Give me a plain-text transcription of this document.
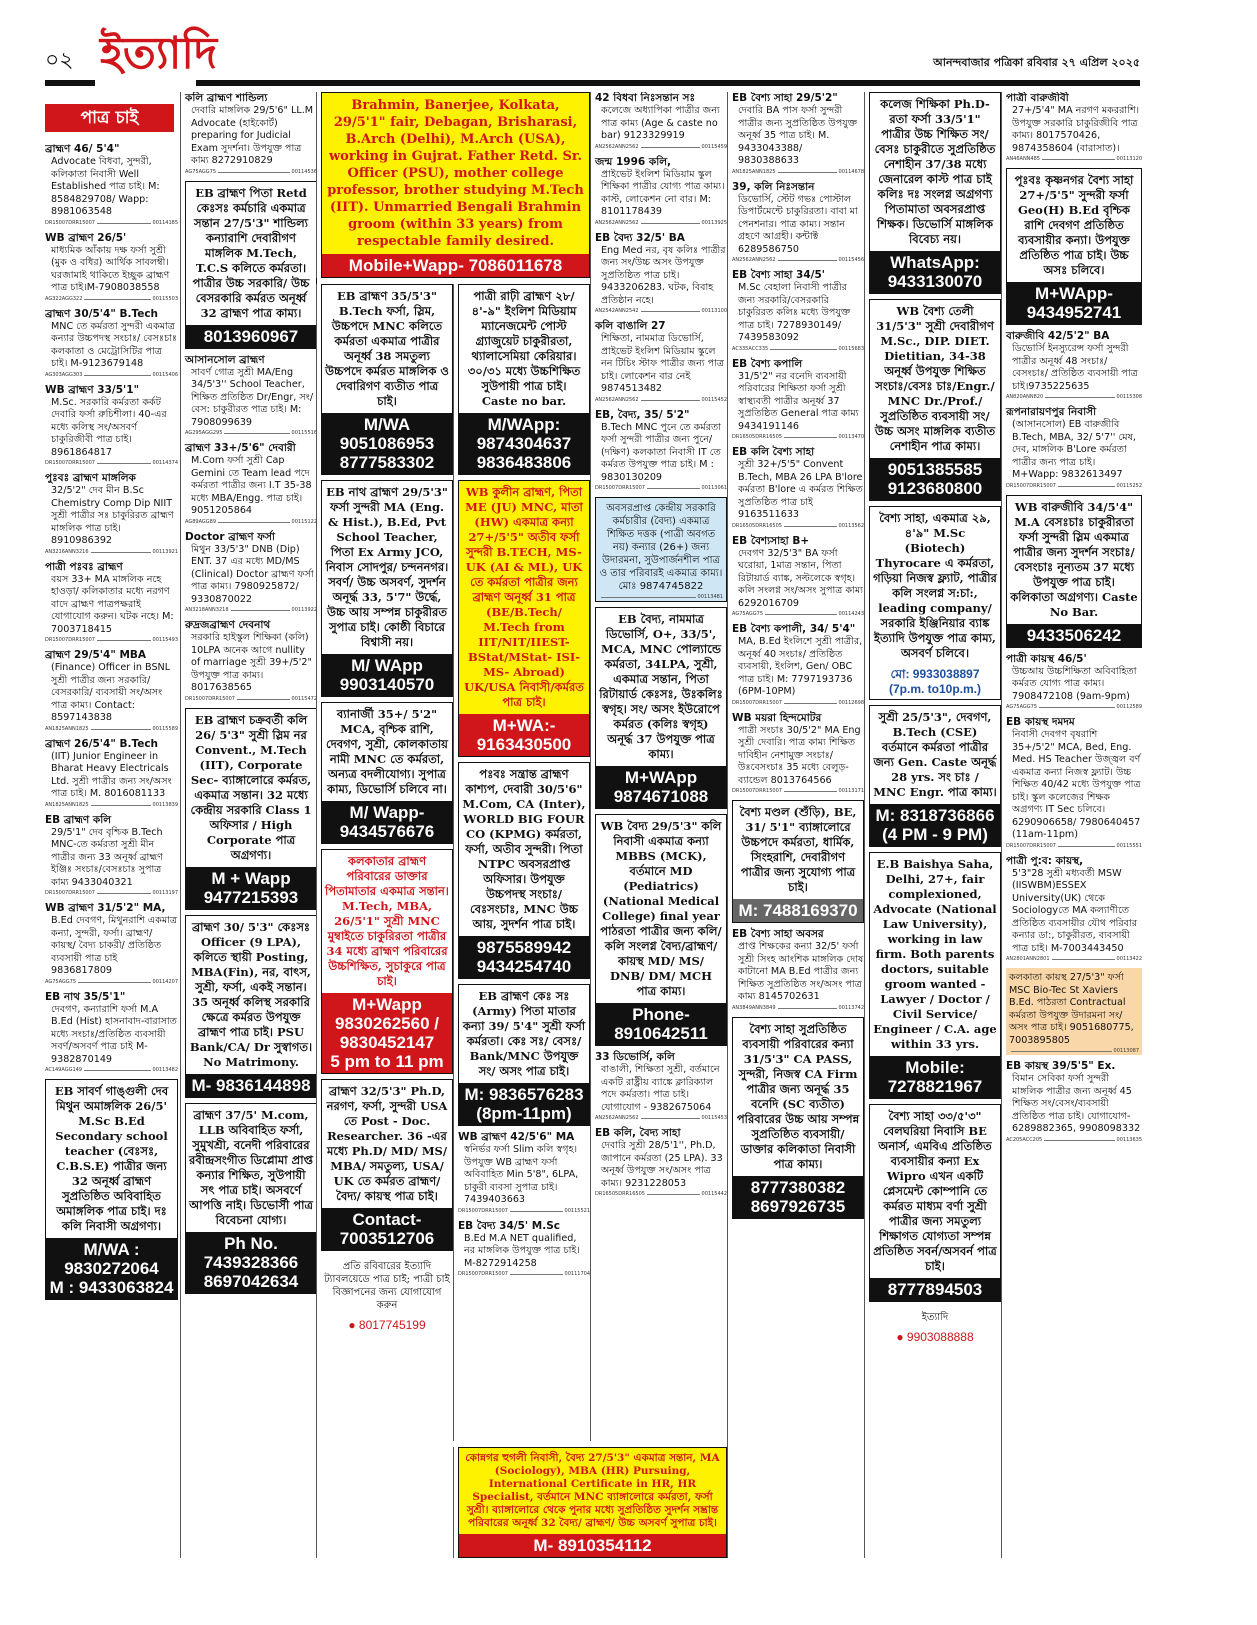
০২ ইত্যাদি	আনন্দবাজার পত্রিকা রবিবার ২৭ এপ্রিল ২০২৫
পাত্র চাই
ব্রাহ্মণ 46/ 5'4"
Advocate বিধবা, সুন্দরী, কলিকাতা নিবাসী Well Established পাত্র চাই। M: 8584829708/ Wapp: 8981063548
DR15007DRR15007	00114185
WB ব্রাহ্মণ 26/5'
মাধ্যমিক আঁকায় দক্ষ ফর্সা সুশ্রী (মুক ও বধির) আর্থিক সাবলম্বী। ঘরজামাই থাকিতে ইচ্ছুক ব্রাহ্মণ পাত্র চাই।M-7908038558
AG322AGG322	00115503
ব্রাহ্মণ 30/5'4" B.Tech
MNC তে কর্মরতা সুন্দরী একমাত্র কন্যার উচ্চপদস্থ সংচাঃ/ বেসঃচাঃ কলকাতা ও মেট্রোসিটির পাত্র চাই। M-9123679148
AG303AGG303	00115406
WB ব্রাহ্মণ 33/5'1"
M.Sc. সরকারি কর্মরতা কর্কট দেবারি ফর্সা রুচিশীলা। 40-এর মধ্যে কলিস্থ সং/অসবর্ণ চাকুরিজীবী পাত্র চাই। 8961864817
DR15007DRR15007	00114374
পুঃবঃ ব্রাহ্মণ মাঙ্গলিক
32/5'2" দেব মীন B.Sc Chemistry Comp Dip NIIT সুশ্রী পাত্রীর সঃ চাকুরিরত ব্রাহ্মণ মাঙ্গলিক পাত্র চাই। 8910986392
AN3216ANN3216	00113921
পাত্রী পঃবঃ ব্রাহ্মণ
বয়স 33+ MA মাঙ্গলিক নহে হাওড়া/ কলিকাতার মধ্যে নরগণ বাদে ব্রাহ্মণ পাত্রপক্ষরাই যোগাযোগ করুন। ঘটক নহে। M: 7003718415
DR15007DRR15007	00115493
ব্রাহ্মণ 29/5'4" MBA
(Finance) Officer in BSNL সুশ্রী পাত্রীর জন্য সরকারি/ বেসরকারি/ ব্যবসায়ী সং/অসং পাত্র কাম্য। Contact: 8597143838
AN1825ANN1825	00115589
ব্রাহ্মণ 26/5'4" B.Tech
(IIT) Junior Engineer in Bharat Heavy Electricals Ltd. সুশ্রী পাত্রীর জন্য সং/অসং পাত্র চাই। M. 8016081133
AN1825ANN1825	00113839
EB ব্রাহ্মণ কলি
29/5'1" দেব বৃশ্চিক B.Tech MNC-তে কর্মরতা সুশ্রী মীন পাত্রীর জন্য 33 অনূর্ধ্ব ব্রাহ্মণ ইঞ্জিঃ সংচাঃ/বেসঃচাঃ সুপাত্র কাম্য 9433040321
DR15007DRR15007	00113197
WB ব্রাহ্মণ 31/5'2" MA,
B.Ed দেবগণ, মিথুনরাশি একমাত্র কন্যা, সুন্দরী, ফর্সা। ব্রাহ্মণ/ কায়স্থ/ বৈদ্য চাকরী/ প্রতিষ্ঠিত ব্যবসায়ী পাত্র চাই 9836817809
AG75AGG75	00114207
EB নাথ 35/5'1"
দেবগণ, কন্যারাশি ফর্সা M.A B.Ed (Hist) হাসনাবাদ-বারাসাত মধ্যে সংচাঃ/প্রতিষ্ঠিত ব্যবসায়ী সবর্ণ/অসবর্ণ পাত্র চাই M-9382870149
AC149AGG149	00113482
EB সাবর্ণ গাঙ্গুলী দেব মিথুন অমাঙ্গলিক 26/5' M.Sc B.Ed Secondary school teacher (বেঃসঃ, C.B.S.E) পাত্রীর জন্য 32 অনূর্ধ্ব ব্রাহ্মণ সুপ্রতিষ্ঠিত অবিবাহিত অমাঙ্গলিক পাত্র চাই। দঃ কলি নিবাসী অগ্রগণ্য।
M/WA : 9830272064
M : 9433063824
কলি ব্রাহ্মণ শান্ডিল্য
দেবারি মাঙ্গলিক 29/5'6" LL.M Advocate (হাইকোর্ট) preparing for Judicial Exam সুদর্শনা। উপযুক্ত পাত্র কাম্য 8272910829
AG75AGG75	00114536
EB ব্রাহ্মণ পিতা Retd কেঃসঃ কর্মচারি একমাত্র সন্তান 27/5'3" শান্ডিল্য কন্যারাশি দেবারীগণ মাঙ্গলিক M.Tech, T.C.S কলিতে কর্মরতা। পাত্রীর উচ্চ সরকারি/ উচ্চ বেসরকারি কর্মরত অনূর্ধ্ব 32 ব্রাহ্মণ পাত্র কাম্য।
8013960967
আসানসোল ব্রাহ্মণ
সাবর্ণ গোত্র সুশ্রী MA/Eng 34/5'3'' School Teacher, শিক্ষিত প্রতিষ্ঠিত Dr/Engr, সং/বেস: চাকুরীরত পাত্র চাই। M: 7908099639
AG295AGG295	00115516
ব্রাহ্মণ 33+/5'6" দেবারী
M.Com ফর্সা সুশ্রী Cap Gemini তে Team lead পদে কর্মরতা পাত্রীর জন্য I.T 35-38 মধ্যে MBA/Engg. পাত্র চাই। 9051205864
AG89AGG89	00115122
Doctor ব্রাহ্মণ ফর্সা
মিথুন 33/5'3" DNB (Dip) ENT. 37 এর মধ্যে MD/MS (Clinical) Doctor ব্রাহ্মণ ফর্সা পাত্র কাম্য। 7980925872/ 9330870022
AN3218ANN3218	00113922
রুদ্রজব্রাহ্মণ দেবনাথ
সরকারি হাইস্কুল শিক্ষিকা (কলি) 10LPA অনেক আগে nullity of marriage সুশ্রী 39+/5'2" উপযুক্ত পাত্র কাম্য। 8017638565
DR15007DRR15007	00115472
EB ব্রাহ্মণ চক্রবর্তী কলি 26/ 5'3" সুশ্রী স্লিম নর Convent., M.Tech (IIT), Corporate Sec- ব্যাঙ্গালোরে কর্মরত, একমাত্র সন্তান। 32 মধ্যে কেন্দ্রীয় সরকারি Class 1 অফিসার / High Corporate পাত্র অগ্রগণ্য।
M + Wapp
9477215393
ব্রাহ্মণ 30/ 5'3" কেঃসঃ Officer (9 LPA), কলিতে স্থায়ী Posting, MBA(Fin), নর, বাৎস, সুশ্রী, ফর্সা, একই সন্তান। 35 অনূর্ধ্ব কলিস্থ সরকারি ক্ষেত্রে কর্মরত উপযুক্ত ব্রাহ্মণ পাত্র চাই। PSU Bank/CA/ Dr সুস্বাগত। No Matrimony.
M- 9836144898
ব্রাহ্মণ 37/5' M.com, LLB অবিবাহিত ফর্সা, সুমুখশ্রী, বনেদী পরিবারের রবীন্দ্রসংগীত ডিপ্লোমা প্রাপ্ত কন্যার শিক্ষিত, সুউপায়ী সৎ পাত্র চাই। অসবর্ণে আপত্তি নাই। ডিভোর্সী পাত্র বিবেচনা যোগ্য।
Ph No.
7439328366
8697042634
Brahmin, Banerjee, Kolkata, 29/5'1" fair, Debagan, Brisharasi, B.Arch (Delhi), M.Arch (USA), working in Gujrat. Father Retd. Sr. Officer (PSU), mother college professor, brother studying M.Tech (IIT). Unmarried Bengali Brahmin groom (within 33 years) from respectable family desired.
Mobile+Wapp- 7086011678
EB ব্রাহ্মণ 35/5'3" B.Tech ফর্সা, স্লিম, উচ্চপদে MNC কলিতে কর্মরতা একমাত্র পাত্রীর অনূর্ধ্ব 38 সমতুল্য উচ্চপদে কর্মরত মাঙ্গলিক ও দেবারিগণ ব্যতীত পাত্র চাই।
M/WA
9051086953
8777583302
EB নাথ ব্রাহ্মণ 29/5'3" ফর্সা সুন্দরী MA (Eng. & Hist.), B.Ed, Pvt School Teacher, পিতা Ex Army JCO, নিবাস সোদপুর/ চন্দননগর। সবর্ণ/ উচ্চ অসবর্ণ, সুদর্শন অনূর্দ্ধ 33, 5'7" উর্দ্ধে, উচ্চ আয় সম্পন্ন চাকুরীরত সুপাত্র চাই। কোষ্ঠী বিচারে বিশ্বাসী নয়।
M/ WApp
9903140570
ব্যানার্জী 35+/ 5'2" MCA, বৃশ্চিক রাশি, দেবগণ, সুশ্রী, কোলকাতায় নামী MNC তে কর্মরতা, অন্যত্র বদলীযোগ্য। সুপাত্র কাম্য, ডিভোর্সি চলিবে না।
M/ Wapp-
9434576676
কলকাতার ব্রাহ্মণ পরিবারের ডাক্তার পিতামাতার একমাত্র সন্তান। M.Tech, MBA, 26/5'1" সুশ্রী MNC মুম্বাইতে চাকুরিরতা পাত্রীর 34 মধ্যে ব্রাহ্মণ পরিবারের উচ্চশিক্ষিত, সুচাকুরে পাত্র চাই।
M+Wapp
9830262560 / 9830452147
5 pm to 11 pm
ব্রাহ্মণ 32/5'3" Ph.D, নরগণ, ফর্সা, সুন্দরী USA তে Post - Doc. Researcher. 36 -এর মধ্যে Ph.D/ MD/ MS/ MBA/ সমতুল্য, USA/ UK তে কর্মরত ব্রাহ্মণ/ বৈদ্য/ কায়স্থ পাত্র চাই।
Contact-
7003512706
প্রতি রবিবারের ইত্যাদি ট্যাবলয়েডে পাত্র চাই; পাত্রী চাই বিজ্ঞাপনের জন্য যোগাযোগ করুন
● 8017745199
পাত্রী রাঢ়ী ব্রাহ্মণ ২৮/ ৪'-৯" ইংলিশ মিডিয়াম ম্যানেজমেন্ট পোস্ট গ্র্যাজুয়েট চাকুরীরতা, থ্যালাসেমিয়া কেরিয়ার। ৩০/৩১ মধ্যে উচ্চশিক্ষিত সুউপায়ী পাত্র চাই। Caste no bar.
M/WApp:
9874304637
9836483806
WB কুলীন ব্রাহ্মণ, পিতা ME (JU) MNC, মাতা (HW) একমাত্র কন্যা 27+/5'5" অতীব ফর্সা সুন্দরী B.TECH, MS-UK (AI & ML), UK তে কর্মরতা পাত্রীর জন্য ব্রাহ্মণ অনূর্ধ্ব 31 পাত্র (BE/B.Tech/ M.Tech from IIT/NIT/IIEST- BStat/MStat- ISI- MS- Abroad) UK/USA নিবাসী/কর্মরত পাত্র চাই।
M+WA:-
9163430500
পঃবঃ সন্ত্রান্ত ব্রাহ্মণ কাশ্যপ, দেবারী 30/5'6" M.Com, CA (Inter), WORLD BIG FOUR CO (KPMG) কর্মরতা, ফর্সা, অতীব সুন্দরী। পিতা NTPC অবসরপ্রাপ্ত অফিসার। উপযুক্ত উচ্চপদস্থ সংচাঃ/ বেঃসংচাঃ, MNC উচ্চ আয়, সুদর্শন পাত্র চাই।
9875589942
9434254740
EB ব্রাহ্মণ কেঃ সঃ (Army) পিতা মাতার কন্যা 39/ 5'4" সুশ্রী ফর্সা কর্মরতা। কেঃ সঃ/ বেসঃ/ Bank/MNC উপযুক্ত সং/ অসং পাত্র চাই।
M: 9836576283
(8pm-11pm)
WB ব্রাহ্মণ 42/5'6" MA
স্বনির্ভর ফর্সা Slim কলি স্বগৃহ। উপযুক্ত WB ব্রাহ্মণ ফর্সা অবিবাহিত Min 5'8", 6LPA, চাকুরী ব্যবসা সুপাত্র চাই। 7439403663
DR15007DRR15007	00115521
EB বৈদ্য 34/5' M.Sc
B.Ed M.A NET qualified, নর মাঙ্গলিক উপযুক্ত পাত্র চাই। M-8272914258
DR15007DRR15007	00111704
42 বিধবা নিঃসন্তান সঃ
কলেজে অধ্যাপিকা পাত্রীর জন্য পাত্র কাম্য (Age & caste no bar) 9123329919
AN2562ANN2562	00115459
জন্ম 1996 কলি,
প্রাইভেট ইংলিশ মিডিয়াম স্কুল শিক্ষিকা পাত্রীর যোগ্য পাত্র কাম্য। কাস্ট, লোকেশন নো বার। M: 8101178439
AN2562ANN2562	00113925
EB বৈদ্য 32/5' BA
Eng Med নর, বৃষ কলিঃ পাত্রীর জন্য সং/উচ্চ অসং উপযুক্ত সুপ্রতিষ্ঠিত পাত্র চাই। 9433206283. ঘটক, বিবাহ প্রতিষ্ঠান নহে।
AN2542ANN2542	00113100
কলি বাঙালি 27
শিক্ষিতা, নামমাত্র ডিভোর্সি, প্রাইভেট ইংলিশ মিডিয়াম স্কুলে নন টিচিং স্টাফ পাত্রীর জন্য পাত্র চাই। লোকেশন বার নেই 9874513482
AN2562ANN2562	00115452
EB, বৈদ্য, 35/ 5'2"
B.Tech MNC পুনে তে কর্মরতা ফর্সা সুন্দরী পাত্রীর জন্য পুনে/ (দক্ষিণ) কলকাতা নিবাসী IT তে কর্মরত উপযুক্ত পাত্র চাই। M : 9830130209
DR15007DRR15007	00113061
অবসরপ্রাপ্ত কেন্দ্রীয় সরকারি কর্মচারীর (বৈদ্য) একমাত্র শিক্ষিত দত্তক (পাত্রী অবগত নয়) কন্যার (26+) জন্য উদারমনা, সুউপার্জনশীল পাত্র ও তার পরিবারই একমাত্র কাম্য। মোঃ 9874745822
00113481
EB বৈদ্য, নামমাত্র ডিভোর্সি, O+, 33/5', MCA, MNC পোল্যান্ডে কর্মরতা, 34LPA, সুশ্রী, একমাত্র সন্তান, পিতা রিটায়ার্ড কেঃসঃ, উঃকলিঃ স্বগৃহ। সং/ অসং ইউরোপে কর্মরত (কলিঃ স্বগৃহ) অনূর্দ্ধ 37 উপযুক্ত পাত্র কাম্য।
M+WApp
9874671088
WB বৈদ্য 29/5'3" কলি নিবাসী একমাত্র কন্যা MBBS (MCK), বর্তমানে MD (Pediatrics) (National Medical College) final year পাঠরতা পাত্রীর জন্য কলি/ কলি সংলগ্ন বৈদ্য/ব্রাহ্মণ/ কায়স্থ MD/ MS/ DNB/ DM/ MCH পাত্র কাম্য।
Phone-
8910642511
33 ডিভোর্সি, কলি
বাঙালী, শিক্ষিতা সুশ্রী, বর্তমানে একটি রাষ্ট্রীয় ব্যাঙ্কে ক্লারিক্যাল পদে কর্মরতা। পাত্র চাই। যোগাযোগ - 9382675064
AN2562ANN2562	00115453
EB কলি, বৈদ্য সাহা
দেবারি সুশ্রী 28/5'1'', Ph.D, জাপানে কর্মরতা (25 LPA). 33 অনূর্ধ্ব উপযুক্ত সং/অসং পাত্র কাম্য। 9231228053
DR16505DRR16505	00115442
কোন্নগর হুগলী নিবাসী, বৈদ্য 27/5'3" একমাত্র সন্তান, MA (Sociology), MBA (HR) Pursuing, International Certificate in HR, HR Specialist, বর্তমানে MNC ব্যাঙ্গালোরে কর্মরতা, ফর্সা সুশ্রী। ব্যাঙ্গালোরে থেকে পুনার মধ্যে সুপ্রতিষ্ঠিত সুদর্শন সম্ভ্রান্ত পরিবারের অনূর্ধ্ব 32 বৈদ্য/ ব্রাহ্মণ/ উচ্চ অসবর্ণ সুপাত্র চাই।
M- 8910354112
EB বৈশ্য সাহা 29/5'2"
দেবারি BA পাস ফর্সা সুন্দরী পাত্রীর জন্য সুপ্রতিষ্ঠিত উপযুক্ত অনূর্ধ্ব 35 পাত্র চাই। M. 9433043388/ 9830388633
AN1825ANN1825	00114678
39, কলি নিঃসন্তান
ডিভোর্সি, স্টেট গভঃ পোস্টাল ডিপার্টমেন্টে চাকুরিরতা। বাবা মা পেনশনার। পাত্র কাম্য। সন্তান গ্রহণে আগ্রহী। কন্টাক্ট 6289586750
AN2562ANN2562	00115456
EB বৈশ্য সাহা 34/5'
M.Sc বেহালা নিবাসী পাত্রীর জন্য সরকারি/বেসরকারি চাকুরিরত কলিঃ মধ্যে উপযুক্ত পাত্র চাই। 7278930149/ 7439583092
AC335ACC335	00115683
EB বৈশ্য কপালি
31/5'2" নর বনেদি ব্যবসায়ী পরিবারের শিক্ষিতা ফর্সা সুশ্রী স্বাস্থ্যবতী পাত্রীর অনূর্ধ্ব 37 সুপ্রতিষ্ঠিত General পাত্র কাম্য 9434191146
DR16505DRR16505	00113470
EB কলি বৈশ্য সাহা
সুশ্রী 32+/5'5" Convent B.Tech, MBA 26 LPA B'lore কর্মরতা B'lore এ কর্মরত শিক্ষিত সুপ্রতিষ্ঠিত পাত্র চাই 9163511633
DR16505DRR16505	00113562
EB বৈশ্যসাহা B+
দেবগণ 32/5'3" BA ফর্সা ঘরোয়া, 1মাত্র সন্তান, পিতা রিটায়ার্ড ব্যাঙ্ক, সল্টলেকে স্বগৃহ। কলি সংলগ্ন সং/অসং সুপাত্র কাম্য 6292016709
AG75AGG75	00114243
EB বৈশ্য কপালী, 34/ 5'4"
MA, B.Ed ইংলিশে সুশ্রী পাত্রীর, অনূর্ধ্ব 40 সংচাঃ/ প্রতিষ্ঠিত ব্যবসায়ী, ইংলিশ, Gen/ OBC পাত্র চাই। M: 7797193736 (6PM-10PM)
DR15007DRR15007	00112698
WB ময়রা হিন্দমোটর
পাত্রী সংচাঃ 30/5'2" MA Eng সুশ্রী দেবারি। পাত্র কাম্য শিক্ষিত দাবিহীন নেশামুক্ত সংচাঃ/উঃবেসংচাঃ 35 মধ্যে বেলুড়-ব্যান্ডেল 8013764566
DR15007DRR15007	00113171
বৈশ্য মণ্ডল (শুঁড়ি), BE, 31/ 5'1" ব্যাঙ্গালোরে উচ্চপদে কর্মরতা, ধার্মিক, সিংহরাশি, দেবারীগণ পাত্রীর জন্য সুযোগ্য পাত্র চাই।
M: 7488169370
EB বৈশ্য সাহা অবসর
প্রাপ্ত শিক্ষকের কন্যা 32/5' ফর্সা সুশ্রী সিংহ আংশিক মাঙ্গলিক দোষ কাটানো MA B.Ed পাত্রীর জন্য শিক্ষিত সুপ্রতিষ্ঠিত সং/অসং পাত্র কাম্য 8145702631
AN3849ANN3849	00113742
বৈশ্য সাহা সুপ্রতিষ্ঠিত ব্যবসায়ী পরিবারের কন্যা 31/5'3" CA PASS, সুন্দরী, নিজস্ব CA Firm পাত্রীর জন্য অনূর্দ্ধ 35 বনেদি (SC ব্যতীত) পরিবারের উচ্চ আয় সম্পন্ন সুপ্রতিষ্ঠিত ব্যবসায়ী/ ডাক্তার কলিকাতা নিবাসী পাত্র কাম্য।
8777380382
8697926735
কলেজ শিক্ষিকা Ph.D-রতা ফর্সা 33/5'1" পাত্রীর উচ্চ শিক্ষিত সং/বেসঃ চাকুরীতে সুপ্রতিষ্ঠিত নেশাহীন 37/38 মধ্যে জেনারেল কাস্ট পাত্র চাই কলিঃ দঃ সংলগ্ন অগ্রগণ্য পিতামাতা অবসরপ্রাপ্ত শিক্ষক। ডিভোর্সি মাঙ্গলিক বিবেচ্য নয়।
WhatsApp:
9433130070
WB বৈশ্য তেলী 31/5'3" সুশ্রী দেবারীগণ M.Sc., DIP. DIET. Dietitian, 34-38 অনূর্ধ্ব উপযুক্ত শিক্ষিত সংচাঃ/বেসঃ চাঃ/Engr./ MNC Dr./Prof./ সুপ্রতিষ্ঠিত ব্যবসায়ী সং/ উচ্চ অসং মাঙ্গলিক ব্যতীত নেশাহীন পাত্র কাম্য।
9051385585
9123680800
বৈশ্য সাহা, একমাত্র ২৯, ৪'৯" M.Sc (Biotech) Thyrocare এ কর্মরতা, গড়িয়া নিজস্ব ফ্ল্যাট, পাত্রীর কলি সংলগ্ন স:চা:, leading company/ সরকারি ইঞ্জিনিয়ার ব্যাঙ্ক ইত্যাদি উপযুক্ত পাত্র কাম্য, অসবর্ণ চলিবে।
মো: 9933038897
(7p.m. to10p.m.)
সুশ্রী 25/5'3", দেবগণ, B.Tech (CSE) বর্তমানে কর্মরতা পাত্রীর জন্য Gen. Caste অনূর্দ্ধ 28 yrs. সং চাঃ / MNC Engr. পাত্র কাম্য।
M: 8318736866
(4 PM - 9 PM)
E.B Baishya Saha, Delhi, 27+, fair complexioned, Advocate (National Law University), working in law firm. Both parents doctors, suitable groom wanted - Lawyer / Doctor / Civil Service/ Engineer / C.A. age within 33 yrs.
Mobile:
7278821967
বৈশ্য সাহা ৩৩/৫'৩" বেলঘরিয়া নিবাসি BE অনার্স, এমবিএ প্রতিষ্ঠিত ব্যবসায়ীর কন্যা Ex Wipro এখন একটি প্লেসমেন্ট কোম্পানি তে কর্মরত মাধ্যম বর্ণা সুশ্রী পাত্রীর জন্য সমতুল্য শিক্ষাগত যোগ্যতা সম্পন্ন প্রতিষ্ঠিত সবর্ন/অসবর্ন পাত্র চাই।
8777894503
ইত্যাদি
● 9903088888
পাত্রী বারুজীবী
27+/5'4" MA নরগণ মকররাশি। উপযুক্ত সরকারি চাকুরিজীবি পাত্র কাম্য। 8017570426, 9874358604 (বারাসাত)।
AN46ANN485	00113120
পূঃবঃ কৃষ্ণনগর বৈশ্য সাহা 27+/5'5" সুন্দরী ফর্সা Geo(H) B.Ed বৃশ্চিক রাশি দেবগণ প্রতিষ্ঠিত ব্যবসায়ীর কন্যা। উপযুক্ত প্রতিষ্ঠিত পাত্র চাই। উচ্চ অসঃ চলিবে।
M+WApp-
9434952741
বারুজীবি 42/5'2" BA
ডিভোর্সি ইনস্যুরেন্স ফর্সা সুন্দরী পাত্রীর অনূর্ধ্ব 48 সংচাঃ/ বেসংচাঃ/ প্রতিষ্ঠিত ব্যবসায়ী পাত্র চাই।9735225635
AN820ANN820	00115308
রূপনারায়ণপুর নিবাসী
(আসানসোল) EB বারুজীবি B.Tech, MBA, 32/ 5'7'' মেষ, দেব, মাঙ্গলিক B'Lore কর্মরতা পাত্রীর জন্য পাত্র চাই। M+Wapp: 9832613497
DR15007DRR15007	00115252
WB বারুজীবি 34/5'4" M.A বেসঃচাঃ চাকুরীরতা ফর্সা সুন্দরী স্লিম একমাত্র পাত্রীর জন্য সুদর্শন সংচাঃ/বেসংচাঃ নূন্যতম 37 মধ্যে উপযুক্ত পাত্র চাই। কলিকাতা অগ্রগণ্য। Caste No Bar.
9433506242
পাত্রী কায়স্থ 46/5'
উচ্চআয় উচ্চশিক্ষিতা অবিবাহিতা কর্মরত যোগ্য পাত্র কাম্য। 7908472108 (9am-9pm)
AG75AGG75	00112589
EB কায়স্থ দমদম
নিবাসী দেবগণ বৃষরাশি 35+/5'2" MCA, Bed, Eng. Med. HS Teacher উজ্জ্বল বর্ণ একমাত্র কন্যা নিজস্ব ফ্ল্যাট। উচ্চ শিক্ষিত 40/42 মধ্যে উপযুক্ত পাত্র চাই। স্কুল কলেজের শিক্ষক অগ্রগণ্য IT Sec চলিবে। 6290906658/ 7980640457 (11am-11pm)
DR15007DRR15007	00115551
পাত্রী পু:ব: কায়স্থ,
5'3"28 সুশ্রী মধ্যবর্তী MSW (IISWBM)ESSEX University(UK) থেকে Sociologyতে MA কল্যাণীতে প্রতিষ্ঠিত ব্যবসায়ীর যৌথ পরিবার কন্যার ডা:, চাকুরীরত, ব্যবসায়ী পাত্র চাই। M-7003443450
AN2801ANN2801	00113422
কলকাতা কায়স্থ 27/5'3" ফর্সা MSC Bio-Tec St Xaviers B.Ed. পাঠরতা Contractual কর্মরতা উপযুক্ত উদারমনা সং/অসং পাত্র চাই। 9051680775, 7003895805
00113087
EB কায়স্থ 39/5'5" Ex.
বিমান সেবিকা ফর্সা সুন্দরী মাঙ্গলিক পাত্রীর জন্য অনূর্ধ্ব 45 শিক্ষিত সং/বেসং/ব্যবসায়ী প্রতিষ্ঠিত পাত্র চাই। যোগাযোগ- 6289882365, 9908098332
AC205ACC205	00113635
